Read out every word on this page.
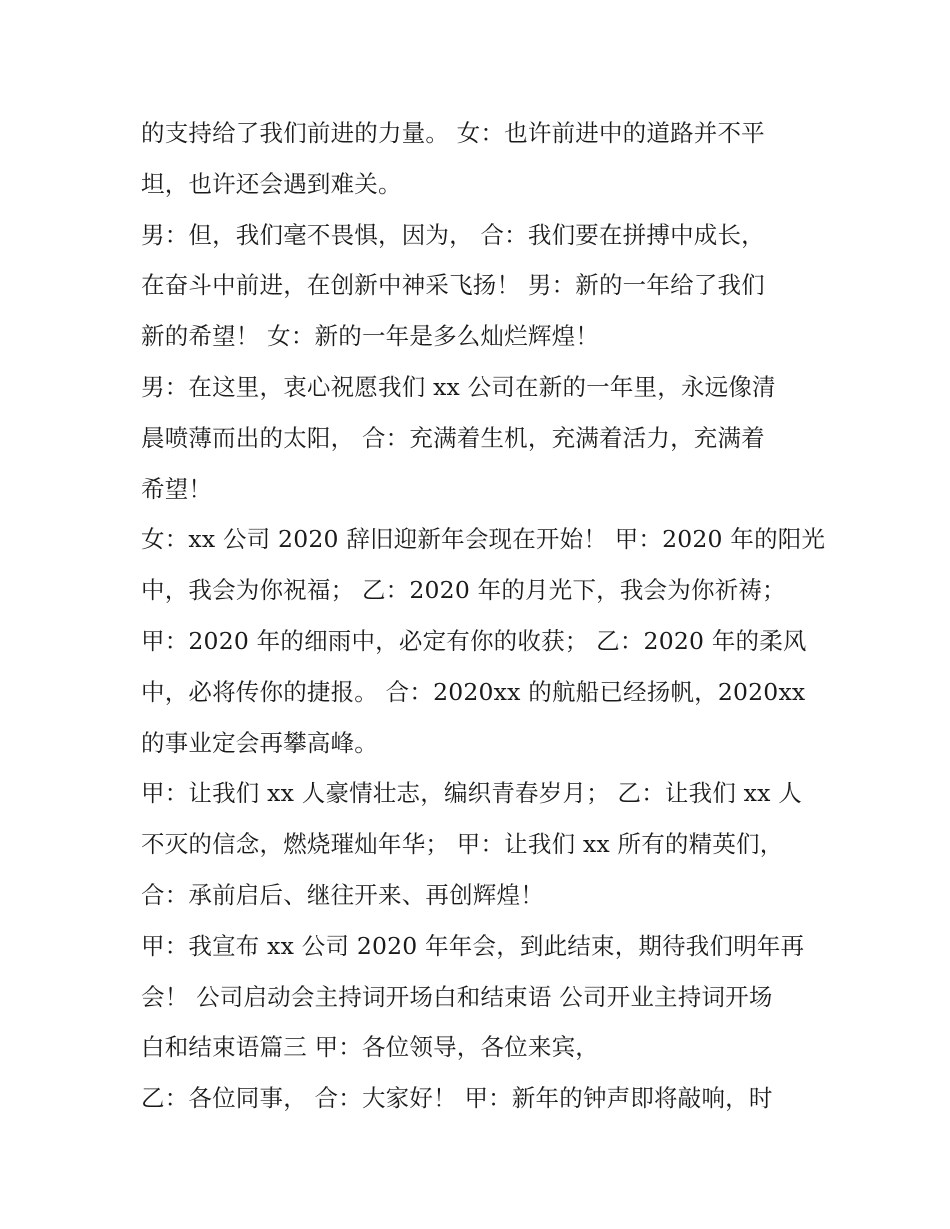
的支持给了我们前进的力量。 女：也许前进中的道路并不平
坦，也许还会遇到难关。
男：但，我们毫不畏惧，因为， 合：我们要在拼搏中成长，
在奋斗中前进，在创新中神采飞扬！ 男：新的一年给了我们
新的希望！ 女：新的一年是多么灿烂辉煌！
男：在这里，衷心祝愿我们 xx 公司在新的一年里，永远像清
晨喷薄而出的太阳， 合：充满着生机，充满着活力，充满着
希望！
女：xx 公司 2020 辞旧迎新年会现在开始！ 甲：2020 年的阳光
中，我会为你祝福； 乙：2020 年的月光下，我会为你祈祷；
甲：2020 年的细雨中，必定有你的收获； 乙：2020 年的柔风
中，必将传你的捷报。 合：2020xx 的航船已经扬帆，2020xx
的事业定会再攀高峰。
甲：让我们 xx 人豪情壮志，编织青春岁月； 乙：让我们 xx 人
不灭的信念，燃烧璀灿年华； 甲：让我们 xx 所有的精英们，
合：承前启后、继往开来、再创辉煌！
甲：我宣布 xx 公司 2020 年年会，到此结束，期待我们明年再
会！ 公司启动会主持词开场白和结束语 公司开业主持词开场
白和结束语篇三 甲：各位领导，各位来宾，
乙：各位同事， 合：大家好！ 甲：新年的钟声即将敲响，时
